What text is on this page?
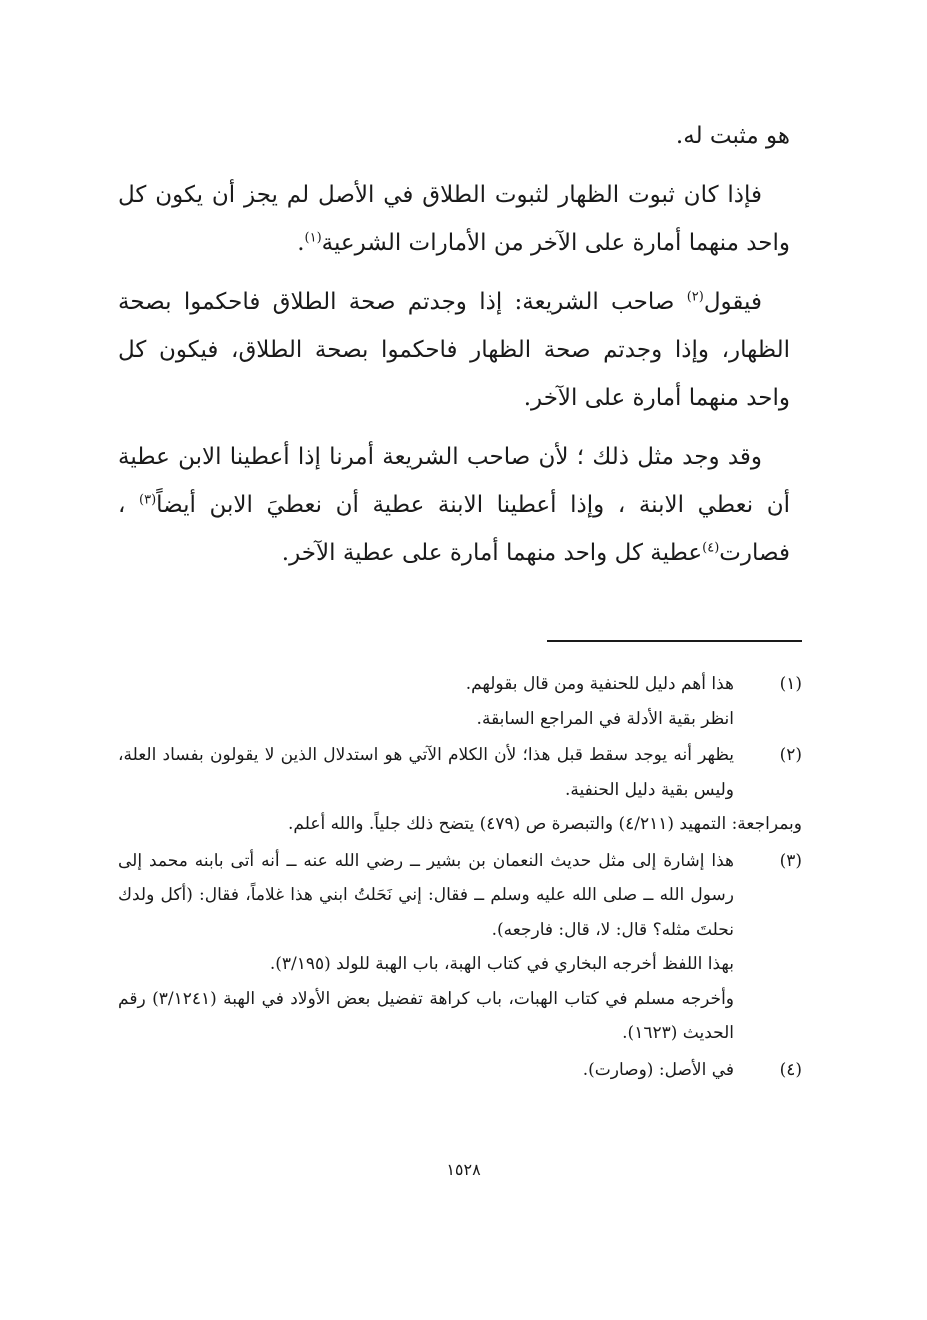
هو مثبت له.

فإذا كان ثبوت الظهار لثبوت الطلاق في الأصل لم يجز أن يكون كل واحد منهما أمارة على الآخر من الأمارات الشرعية$^{(١)}$.

فيقول$^{(٢)}$ صاحب الشريعة: إذا وجدتم صحة الطلاق فاحكموا بصحة الظهار، وإذا وجدتم صحة الظهار فاحكموا بصحة الطلاق، فيكون كل واحد منهما أمارة على الآخر.

وقد وجد مثل ذلك ؛ لأن صاحب الشريعة أمرنا إذا أعطينا الابن عطية أن نعطي الابنة ، وإذا أعطينا الابنة عطية أن نعطيَ الابن أيضاً$^{(٣)}$ ، فصارت$^{(٤)}$عطية كل واحد منهما أمارة على عطية الآخر.

(١)
هذا أهم دليل للحنفية ومن قال بقولهم.
انظر بقية الأدلة في المراجع السابقة.
(٢)
يظهر أنه يوجد سقط قبل هذا؛ لأن الكلام الآتي هو استدلال الذين لا يقولون بفساد العلة، وليس بقية دليل الحنفية.
وبمراجعة: التمهيد (٤/٢١١) والتبصرة ص (٤٧٩) يتضح ذلك جلياً. والله أعلم.
(٣)
هذا إشارة إلى مثل حديث النعمان بن بشير ــ رضي الله عنه ــ أنه أتى بابنه محمد إلى رسول الله ــ صلى الله عليه وسلم ــ فقال: إني نَحَلتُ ابني هذا غلاماً، فقال: (أكل ولدك نحلتَ مثله؟ قال: لا، قال: فارجعه).
بهذا اللفظ أخرجه البخاري في كتاب الهبة، باب الهبة للولد (٣/١٩٥).
وأخرجه مسلم في كتاب الهبات، باب كراهة تفضيل بعض الأولاد في الهبة (٣/١٢٤١) رقم الحديث (١٦٢٣).
(٤)
في الأصل: (وصارت).
١٥٢٨
